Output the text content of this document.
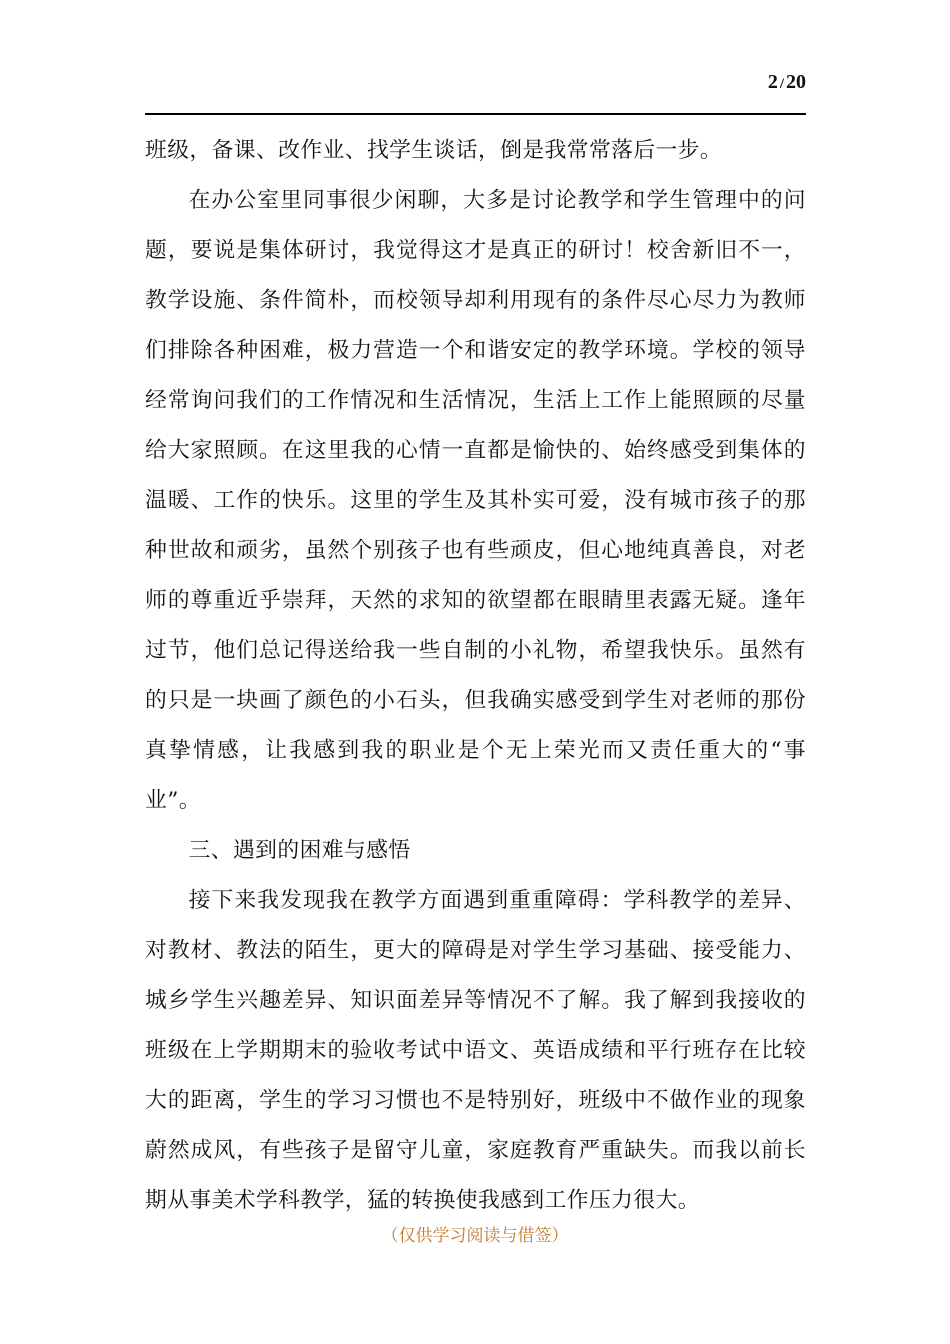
2 / 20

班级，备课、改作业、找学生谈话，倒是我常常落后一步。

在办公室里同事很少闲聊，大多是讨论教学和学生管理中的问题，要说是集体研讨，我觉得这才是真正的研讨！校舍新旧不一，教学设施、条件简朴，而校领导却利用现有的条件尽心尽力为教师们排除各种困难，极力营造一个和谐安定的教学环境。学校的领导经常询问我们的工作情况和生活情况，生活上工作上能照顾的尽量给大家照顾。在这里我的心情一直都是愉快的、始终感受到集体的温暖、工作的快乐。这里的学生及其朴实可爱，没有城市孩子的那种世故和顽劣，虽然个别孩子也有些顽皮，但心地纯真善良，对老师的尊重近乎崇拜，天然的求知的欲望都在眼睛里表露无疑。逢年过节，他们总记得送给我一些自制的小礼物，希望我快乐。虽然有的只是一块画了颜色的小石头，但我确实感受到学生对老师的那份真挚情感，让我感到我的职业是个无上荣光而又责任重大的“事业”。

三、遇到的困难与感悟

接下来我发现我在教学方面遇到重重障碍：学科教学的差异、对教材、教法的陌生，更大的障碍是对学生学习基础、接受能力、城乡学生兴趣差异、知识面差异等情况不了解。我了解到我接收的班级在上学期期末的验收考试中语文、英语成绩和平行班存在比较大的距离，学生的学习习惯也不是特别好，班级中不做作业的现象蔚然成风，有些孩子是留守儿童，家庭教育严重缺失。而我以前长期从事美术学科教学，猛的转换使我感到工作压力很大。

（仅供学习阅读与借签）
